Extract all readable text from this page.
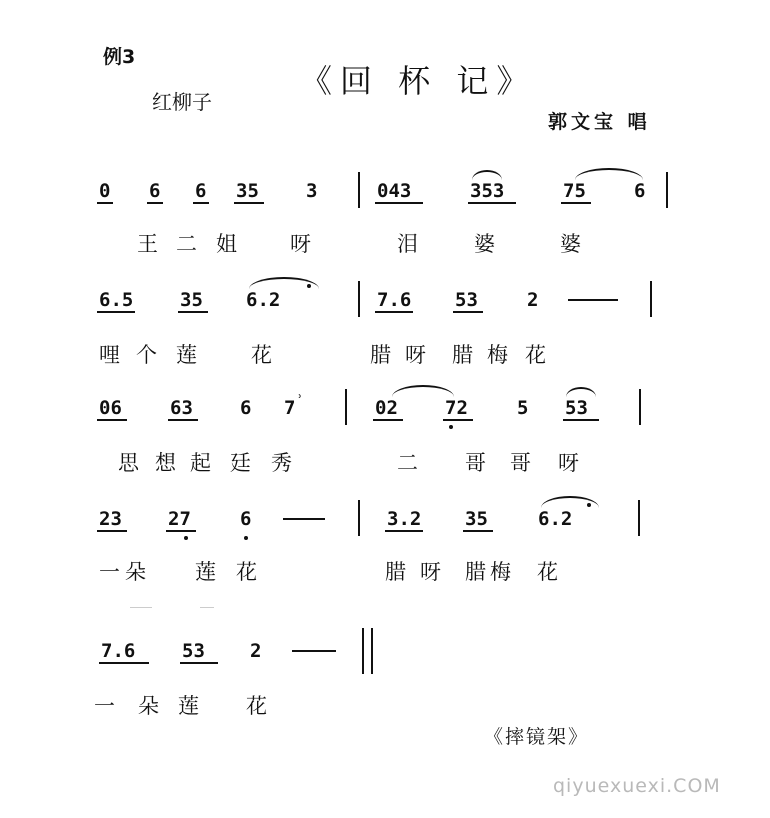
例3
红柳子
《回 杯 记》
郭文宝 唱
0 6 6 35 3	043	353	75	6
王 二 姐	呀	泪	婆	婆
6.5 35 6.2	7.6 53	2
哩 个 莲	花	腊 呀 腊 梅 花
06	63 6 7 ʾ	02 72	5 53
思 想 起 廷 秀	二 哥 哥 呀
23 27	6	3.2 35	6.2
一 朵 莲 花	腊 呀 腊 梅 花
7.6 53 2
一 朵 莲 花
《摔镜架》
qiyuexuexi.COM
